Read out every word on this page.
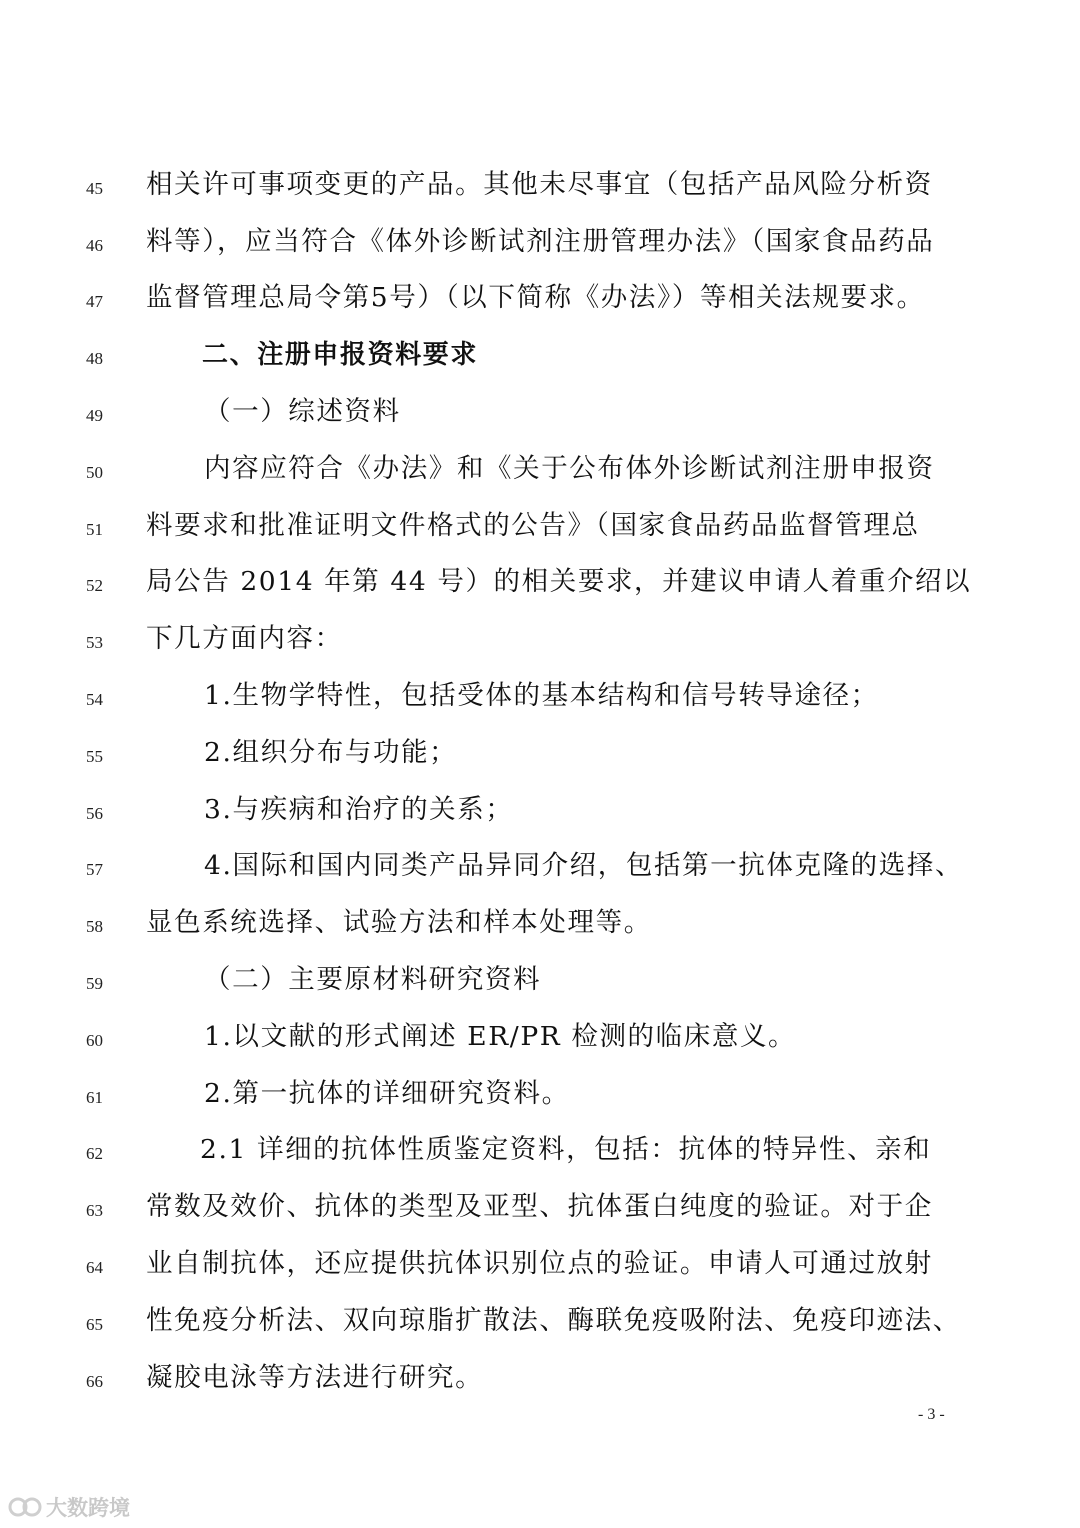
45	相关许可事项变更的产品。其他未尽事宜（包括产品风险分析资
46	料等），应当符合《体外诊断试剂注册管理办法》（国家食品药品
47	监督管理总局令第5号）（以下简称《办法》）等相关法规要求。
48	二、注册申报资料要求
49	（一）综述资料
50	内容应符合《办法》和《关于公布体外诊断试剂注册申报资
51	料要求和批准证明文件格式的公告》（国家食品药品监督管理总
52	局公告 2014 年第 44 号）的相关要求，并建议申请人着重介绍以
53	下几方面内容：
54	1.生物学特性，包括受体的基本结构和信号转导途径；
55	2.组织分布与功能；
56	3.与疾病和治疗的关系；
57	4.国际和国内同类产品异同介绍，包括第一抗体克隆的选择、
58	显色系统选择、试验方法和样本处理等。
59	（二）主要原材料研究资料
60	1.以文献的形式阐述 ER/PR 检测的临床意义。
61	2.第一抗体的详细研究资料。
62	2.1 详细的抗体性质鉴定资料，包括：抗体的特异性、亲和
63	常数及效价、抗体的类型及亚型、抗体蛋白纯度的验证。对于企
64	业自制抗体，还应提供抗体识别位点的验证。申请人可通过放射
65	性免疫分析法、双向琼脂扩散法、酶联免疫吸附法、免疫印迹法、
66	凝胶电泳等方法进行研究。
- 3 -
大数跨境
